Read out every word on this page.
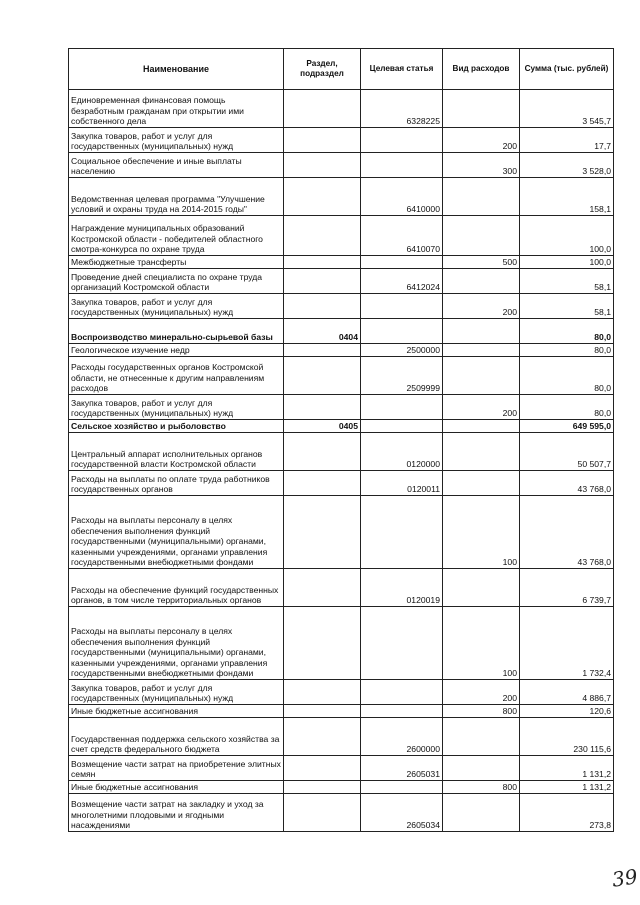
Наименование	Раздел, подраздел	Целевая статья	Вид расходов	Сумма (тыс. рублей)
Единовременная финансовая помощь безработным гражданам при открытии ими собственного дела		6328225		3 545,7
Закупка товаров, работ и услуг для государственных (муниципальных) нужд			200	17,7
Социальное обеспечение и иные выплаты населению			300	3 528,0
Ведомственная целевая программа "Улучшение условий и охраны труда на 2014-2015 годы"		6410000		158,1
Награждение муниципальных образований Костромской области - победителей областного смотра-конкурса по охране труда		6410070		100,0
Межбюджетные трансферты			500	100,0
Проведение дней специалиста по охране труда организаций Костромской области		6412024		58,1
Закупка товаров, работ и услуг для государственных (муниципальных) нужд			200	58,1
Воспроизводство минерально-сырьевой базы	0404			80,0
Геологическое изучение недр		2500000		80,0
Расходы государственных органов Костромской области, не отнесенные к другим направлениям расходов		2509999		80,0
Закупка товаров, работ и услуг для государственных (муниципальных) нужд			200	80,0
Сельское хозяйство и рыболовство	0405			649 595,0
Центральный аппарат исполнительных органов государственной власти Костромской области		0120000		50 507,7
Расходы на выплаты по оплате труда работников государственных органов		0120011		43 768,0
Расходы на выплаты персоналу в целях обеспечения выполнения функций государственными (муниципальными) органами, казенными учреждениями, органами управления государственными внебюджетными фондами			100	43 768,0
Расходы на обеспечение функций государственных органов, в том числе территориальных органов		0120019		6 739,7
Расходы на выплаты персоналу в целях обеспечения выполнения функций государственными (муниципальными) органами, казенными учреждениями, органами управления государственными внебюджетными фондами			100	1 732,4
Закупка товаров, работ и услуг для государственных (муниципальных) нужд			200	4 886,7
Иные бюджетные ассигнования			800	120,6
Государственная поддержка сельского хозяйства за счет средств федерального бюджета		2600000		230 115,6
Возмещение части затрат на приобретение элитных семян		2605031		1 131,2
Иные бюджетные ассигнования			800	1 131,2
Возмещение части затрат на закладку и уход за многолетними плодовыми и ягодными насаждениями		2605034		273,8
39
